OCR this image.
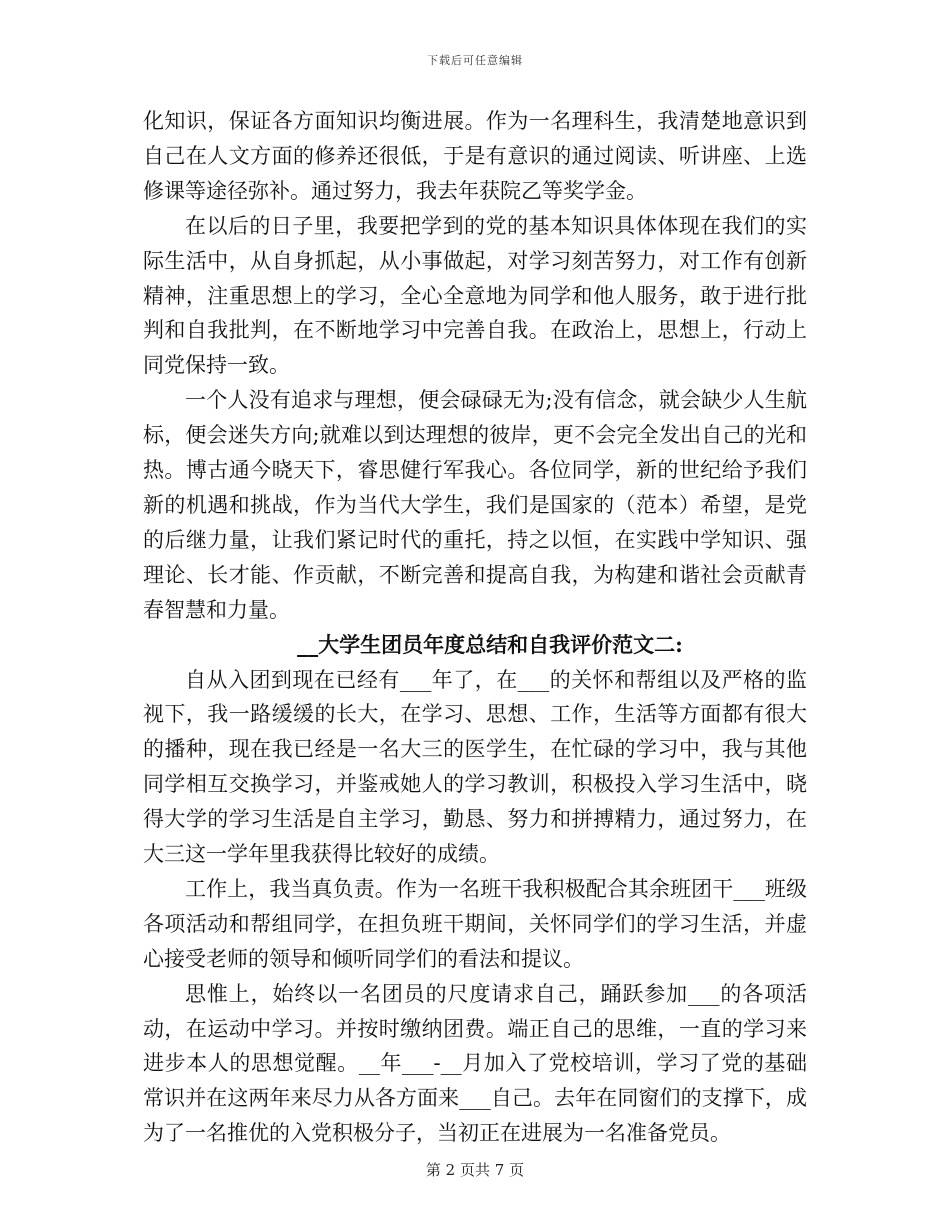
下载后可任意编辑

化知识，保证各方面知识均衡进展。作为一名理科生，我清楚地意识到自己在人文方面的修养还很低，于是有意识的通过阅读、听讲座、上选修课等途径弥补。通过努力，我去年获院乙等奖学金。

在以后的日子里，我要把学到的党的基本知识具体体现在我们的实际生活中，从自身抓起，从小事做起，对学习刻苦努力，对工作有创新精神，注重思想上的学习，全心全意地为同学和他人服务，敢于进行批判和自我批判，在不断地学习中完善自我。在政治上，思想上，行动上同党保持一致。

一个人没有追求与理想，便会碌碌无为;没有信念，就会缺少人生航标，便会迷失方向;就难以到达理想的彼岸，更不会完全发出自己的光和热。博古通今晓天下，睿思健行军我心。各位同学，新的世纪给予我们新的机遇和挑战，作为当代大学生，我们是国家的（范本）希望，是党的后继力量，让我们紧记时代的重托，持之以恒，在实践中学知识、强理论、长才能、作贡献，不断完善和提高自我，为构建和谐社会贡献青春智慧和力量。

__大学生团员年度总结和自我评价范文二:

自从入团到现在已经有___年了，在___的关怀和帮组以及严格的监视下，我一路缓缓的长大，在学习、思想、工作，生活等方面都有很大的播种，现在我已经是一名大三的医学生，在忙碌的学习中，我与其他同学相互交换学习，并鉴戒她人的学习教训，积极投入学习生活中，晓得大学的学习生活是自主学习，勤恳、努力和拼搏精力，通过努力，在大三这一学年里我获得比较好的成绩。

工作上，我当真负责。作为一名班干我积极配合其余班团干___班级各项活动和帮组同学，在担负班干期间，关怀同学们的学习生活，并虚心接受老师的领导和倾听同学们的看法和提议。

思惟上，始终以一名团员的尺度请求自己，踊跃参加___的各项活动，在运动中学习。并按时缴纳团费。端正自己的思维，一直的学习来进步本人的思想觉醒。__年___-__月加入了党校培训，学习了党的基础常识并在这两年来尽力从各方面来___自己。去年在同窗们的支撑下，成为了一名推优的入党积极分子，当初正在进展为一名准备党员。

第 2 页共 7 页
